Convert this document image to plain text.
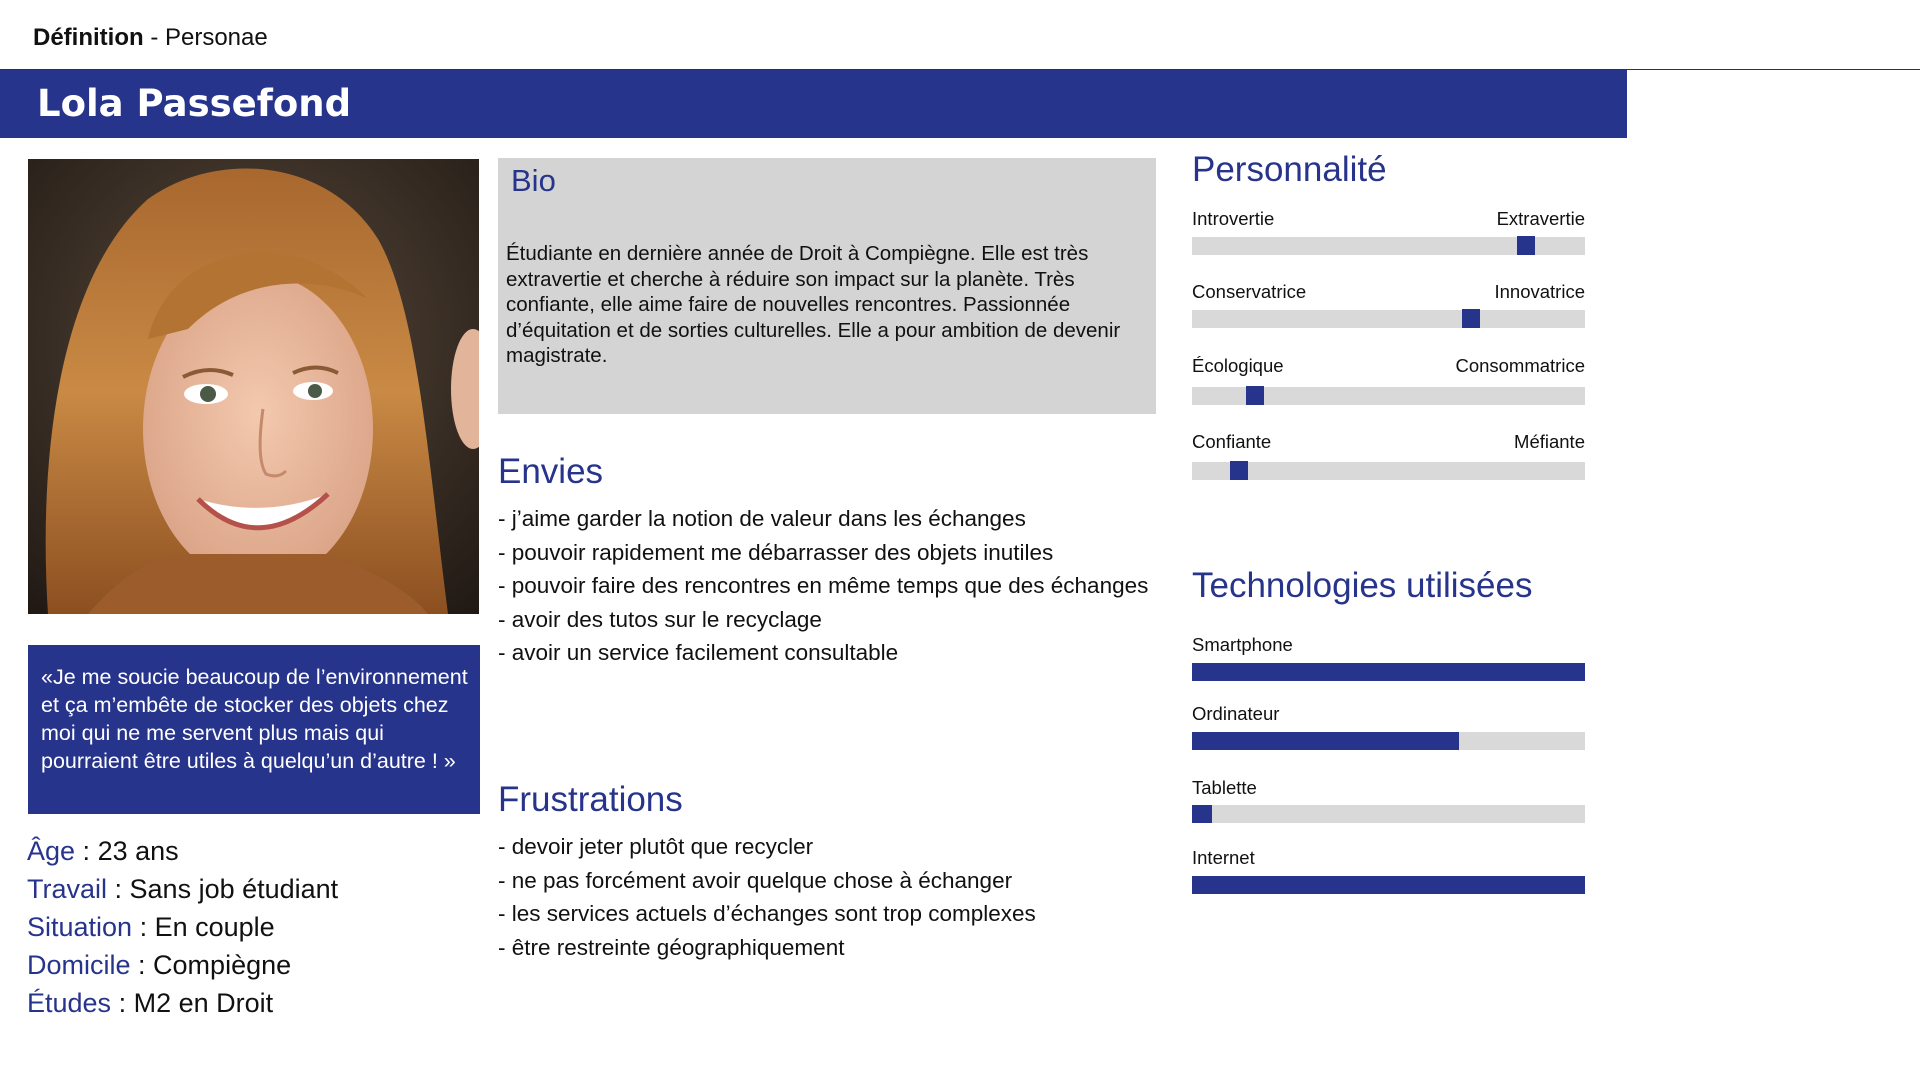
Définition - Personae
Lola Passefond

«Je me soucie beaucoup de l’environnement et ça m’embête de stocker des objets chez moi qui ne me servent plus mais qui pourraient être utiles à quelqu’un d’autre ! »

Âge : 23 ans
Travail : Sans job étudiant
Situation : En couple
Domicile : Compiègne
Études : M2 en Droit
Bio

Étudiante en dernière année de Droit à Compiègne. Elle est très extravertie et cherche à réduire son impact sur la planète. Très confiante, elle aime faire de nouvelles rencontres. Passionnée d’équitation et de sorties culturelles. Elle a pour ambition de devenir magistrate.

Envies
- j’aime garder la notion de valeur dans les échanges
- pouvoir rapidement me débarrasser des objets inutiles
- pouvoir faire des rencontres en même temps que des échanges
- avoir des tutos sur le recyclage
- avoir un service facilement consultable
Frustrations
- devoir jeter plutôt que recycler
- ne pas forcément avoir quelque chose à échanger
- les services actuels d’échanges sont trop complexes
- être restreinte géographiquement
Personnalité
Introvertie	Extravertie
Conservatrice	Innovatrice
Écologique	Consommatrice
Confiante	Méfiante
Technologies utilisées
Smartphone
Ordinateur
Tablette
Internet
